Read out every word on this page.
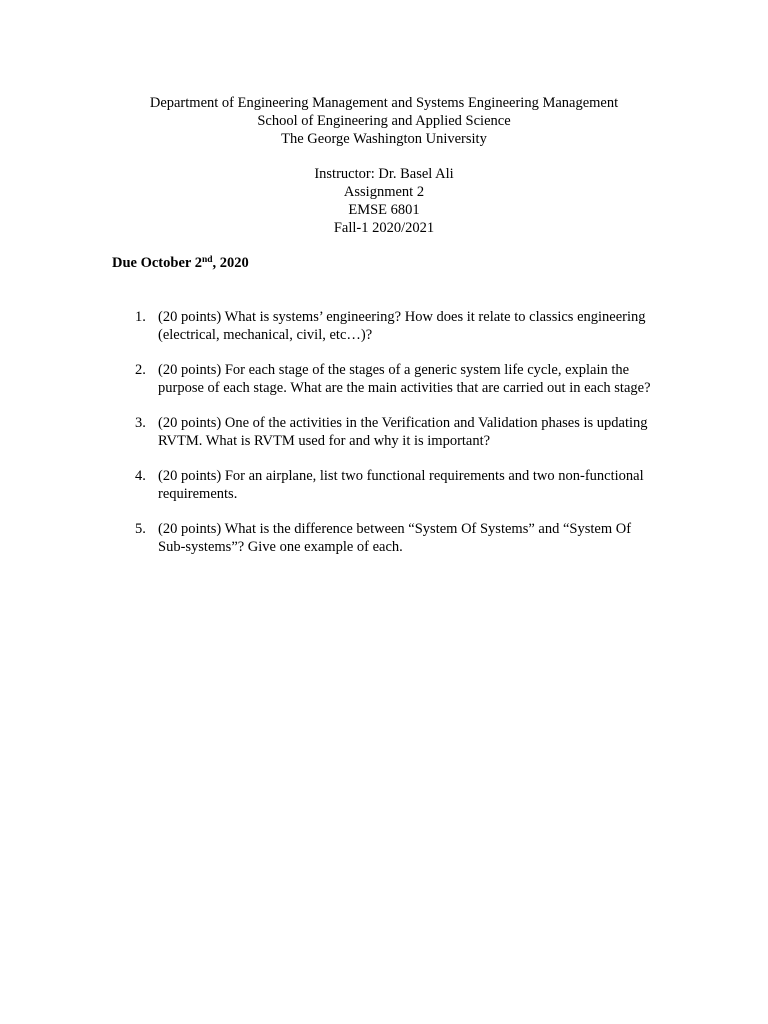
Department of Engineering Management and Systems Engineering Management
School of Engineering and Applied Science
The George Washington University
Instructor: Dr. Basel Ali
Assignment 2
EMSE 6801
Fall-1 2020/2021
Due October 2nd, 2020
1. (20 points) What is systems’ engineering? How does it relate to classics engineering (electrical, mechanical, civil, etc…)?
2. (20 points) For each stage of the stages of a generic system life cycle, explain the purpose of each stage. What are the main activities that are carried out in each stage?
3. (20 points) One of the activities in the Verification and Validation phases is updating RVTM. What is RVTM used for and why it is important?
4. (20 points) For an airplane, list two functional requirements and two non-functional requirements.
5. (20 points) What is the difference between “System Of Systems” and “System Of Sub-systems”? Give one example of each.
